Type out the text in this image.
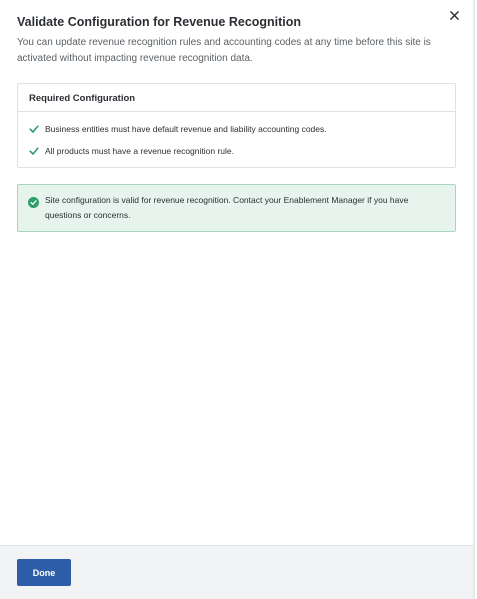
Validate Configuration for Revenue Recognition

You can update revenue recognition rules and accounting codes at any time before this site is activated without impacting revenue recognition data.

Required Configuration
Business entities must have default revenue and liability accounting codes.
All products must have a revenue recognition rule.
Site configuration is valid for revenue recognition. Contact your Enablement Manager if you have questions or concerns.
Done
